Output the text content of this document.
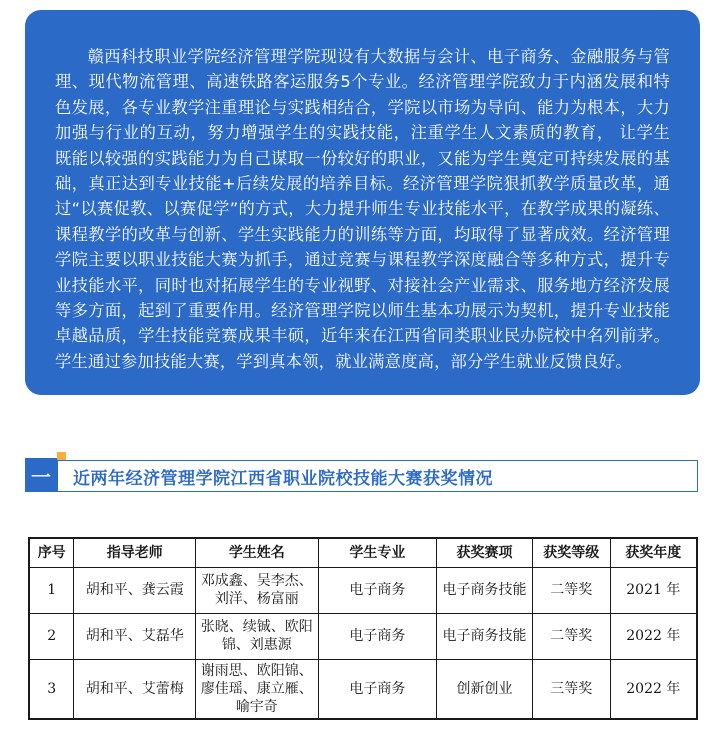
赣西科技职业学院经济管理学院现设有大数据与会计、电子商务、金融服务与管理、现代物流管理、高速铁路客运服务5个专业。经济管理学院致力于内涵发展和特色发展，各专业教学注重理论与实践相结合，学院以市场为导向、能力为根本，大力加强与行业的互动，努力增强学生的实践技能，注重学生人文素质的教育， 让学生既能以较强的实践能力为自己谋取一份较好的职业，又能为学生奠定可持续发展的基础，真正达到专业技能+后续发展的培养目标。经济管理学院狠抓教学质量改革，通过“以赛促教、以赛促学”的方式，大力提升师生专业技能水平，在教学成果的凝练、课程教学的改革与创新、学生实践能力的训练等方面，均取得了显著成效。经济管理学院主要以职业技能大赛为抓手，通过竞赛与课程教学深度融合等多种方式，提升专业技能水平，同时也对拓展学生的专业视野、对接社会产业需求、服务地方经济发展等多方面，起到了重要作用。经济管理学院以师生基本功展示为契机，提升专业技能卓越品质，学生技能竞赛成果丰硕，近年来在江西省同类职业民办院校中名列前茅。学生通过参加技能大赛，学到真本领，就业满意度高，部分学生就业反馈良好。

一	近两年经济管理学院江西省职业院校技能大赛获奖情况
序号	指导老师	学生姓名	学生专业	获奖赛项	获奖等级	获奖年度
1	胡和平、龚云霞	邓成鑫、吴李杰、刘洋、杨富丽	电子商务	电子商务技能	二等奖	2021 年
2	胡和平、艾磊华	张晓、续铖、欧阳锦、刘惠源	电子商务	电子商务技能	二等奖	2022 年
3	胡和平、艾蕾梅	谢雨思、欧阳锦、廖佳瑶、康立雁、喻宇奇	电子商务	创新创业	三等奖	2022 年
